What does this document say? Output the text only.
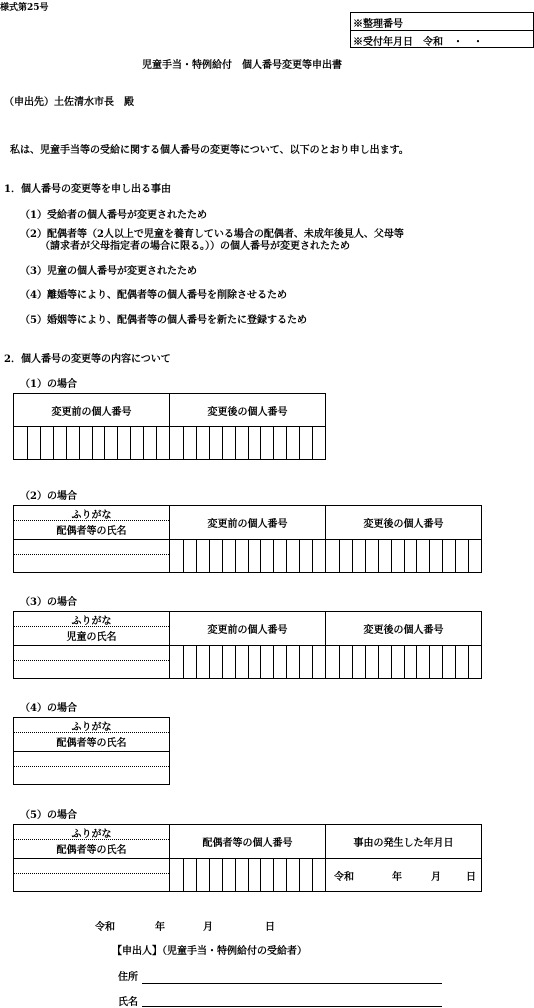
様式第25号
※整理番号
※受付年月日　令和　・　・
児童手当・特例給付　個人番号変更等申出書
（申出先）土佐清水市長　殿
私は、児童手当等の受給に関する個人番号の変更等について、以下のとおり申し出ます。
1．個人番号の変更等を申し出る事由
（1）受給者の個人番号が変更されたため
（2）配偶者等（2人以上で児童を養育している場合の配偶者、未成年後見人、父母等
（請求者が父母指定者の場合に限る。））の個人番号が変更されたため
（3）児童の個人番号が変更されたため
（4）離婚等により、配偶者等の個人番号を削除させるため
（5）婚姻等により、配偶者等の個人番号を新たに登録するため
2．個人番号の変更等の内容について
（1）の場合
変更前の個人番号	変更後の個人番号
（2）の場合
ふりがな
配偶者等の氏名
変更前の個人番号	変更後の個人番号
（3）の場合
ふりがな
児童の氏名
変更前の個人番号	変更後の個人番号
（4）の場合
ふりがな
配偶者等の氏名
（5）の場合
ふりがな
配偶者等の氏名
配偶者等の個人番号	事由の発生した年月日
令和	年	月	日
令和	年	月	日
【申出人】（児童手当・特例給付の受給者）
住所
氏名
